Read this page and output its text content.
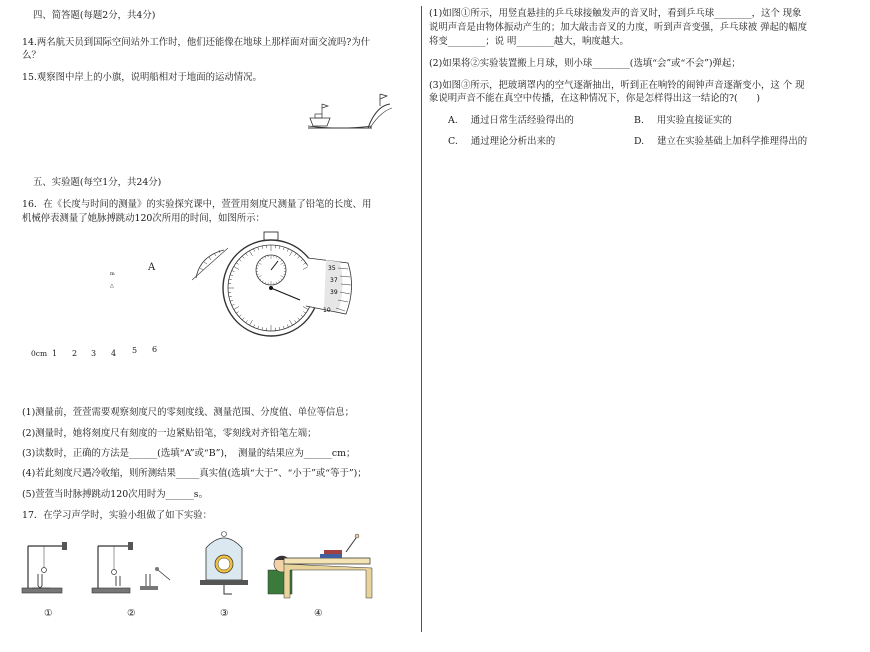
四、简答题(每题2分，共4分)
14.两名航天员到国际空间站外工作时，他们还能像在地球上那样面对面交流吗?为什
么？
15.观察图中岸上的小旗，说明船相对于地面的运动情况。
五、实验题(每空1分，共24分)
16．在《长度与时间的测量》的实验探究课中，萱萱用刻度尺测量了铅笔的长度、用
机械停表测量了她脉搏跳动120次所用的时间，如图所示：
m
△
A
0cm 1 2 3 4 5 6
35
37
39
10
(1)测量前，萱萱需要观察刻度尺的零刻度线、测量范围、分度值、单位等信息；
(2)测量时，她将刻度尺有刻度的一边紧贴铅笔，零刻线对齐铅笔左端；
(3)读数时，正确的方法是______(选填“A”或“B”)，　测量的结果应为______cm；
(4)若此刻度尺遇冷收缩，则所测结果_____真实值(选填“大于”、“小于”或“等于”)；
(5)萱萱当时脉搏跳动120次用时为______s。
17．在学习声学时，实验小组做了如下实验：
①	②	③	④
(1)如图①所示，用竖直悬挂的乒乓球接触发声的音叉时，看到乒乓球________，这个 现象
说明声音是由物体振动产生的；加大敲击音叉的力度，听到声音变强，乒乓球被 弹起的幅度
将变________；说 明________越大，响度越大。
(2)如果将②实验装置搬上月球，则小球________(选填“会”或“不会”)弹起；
(3)如图③所示，把玻璃罩内的空气逐渐抽出，听到正在响铃的闹钟声音逐渐变小，这 个 现
象说明声音不能在真空中传播，在这种情况下，你是怎样得出这一结论的?(　　)
A. 通过日常生活经验得出的	B. 用实验直接证实的
C. 通过理论分析出来的	D. 建立在实验基础上加科学推理得出的
